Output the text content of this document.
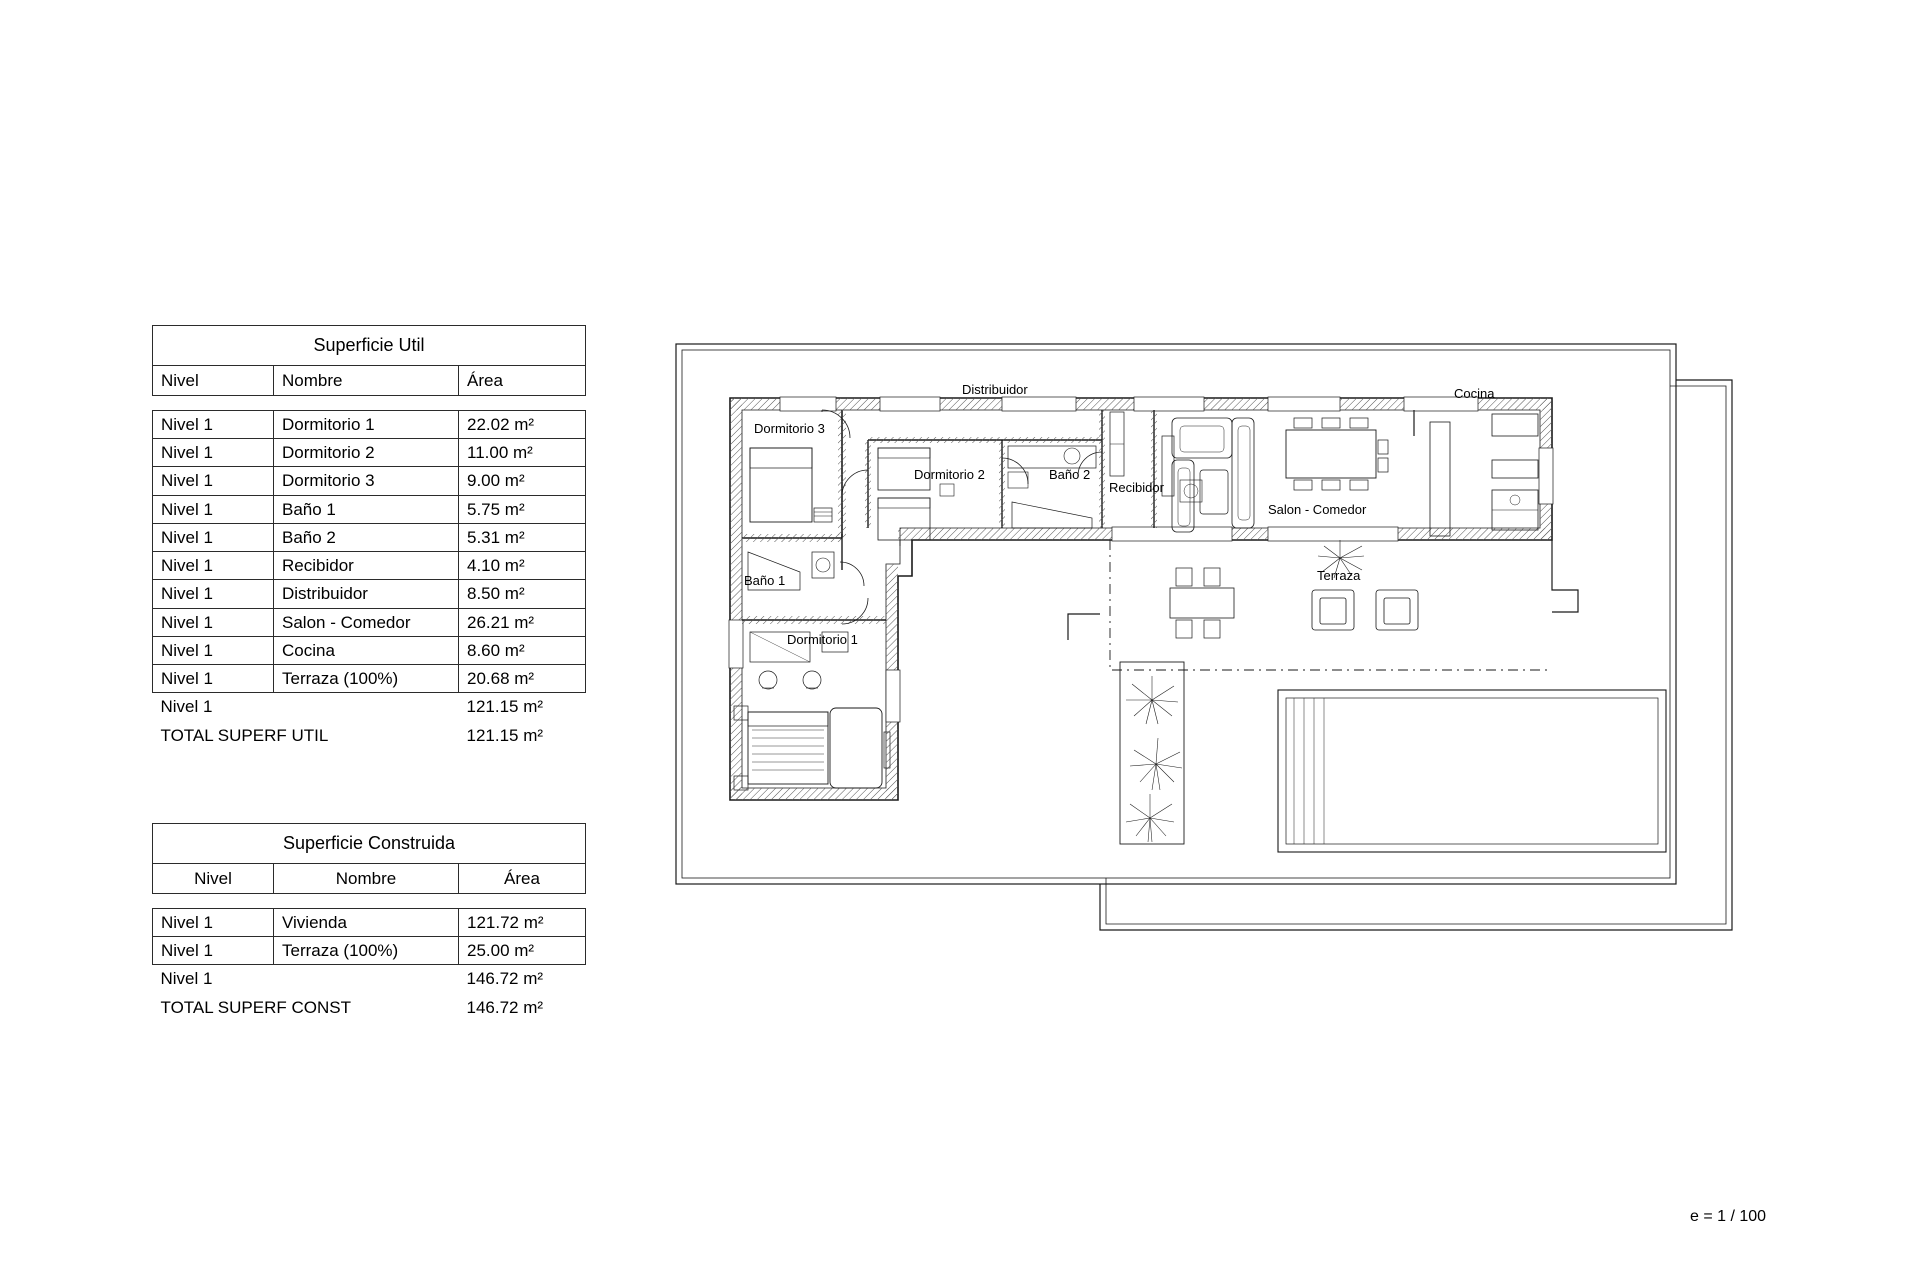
Superficie Util		
Nivel	Nombre	Área

Nivel 1	Dormitorio 1	22.02 m²
Nivel 1	Dormitorio 2	11.00 m²
Nivel 1	Dormitorio 3	9.00 m²
Nivel 1	Baño 1	5.75 m²
Nivel 1	Baño 2	5.31 m²
Nivel 1	Recibidor	4.10 m²
Nivel 1	Distribuidor	8.50 m²
Nivel 1	Salon - Comedor	26.21 m²
Nivel 1	Cocina	8.60 m²
Nivel 1	Terraza (100%)	20.68 m²
Nivel 1		121.15 m²
TOTAL SUPERF UTIL		121.15 m²
Superficie Construida		
Nivel	Nombre	Área

Nivel 1	Vivienda	121.72 m²
Nivel 1	Terraza (100%)	25.00 m²
Nivel 1		146.72 m²
TOTAL SUPERF CONST		146.72 m²
e = 1 / 100
Dormitorio 3
Distribuidor	Cocina
Dormitorio 2	Baño 2
Recibidor
Salon - Comedor
Baño 1	Terraza
Dormitorio 1
